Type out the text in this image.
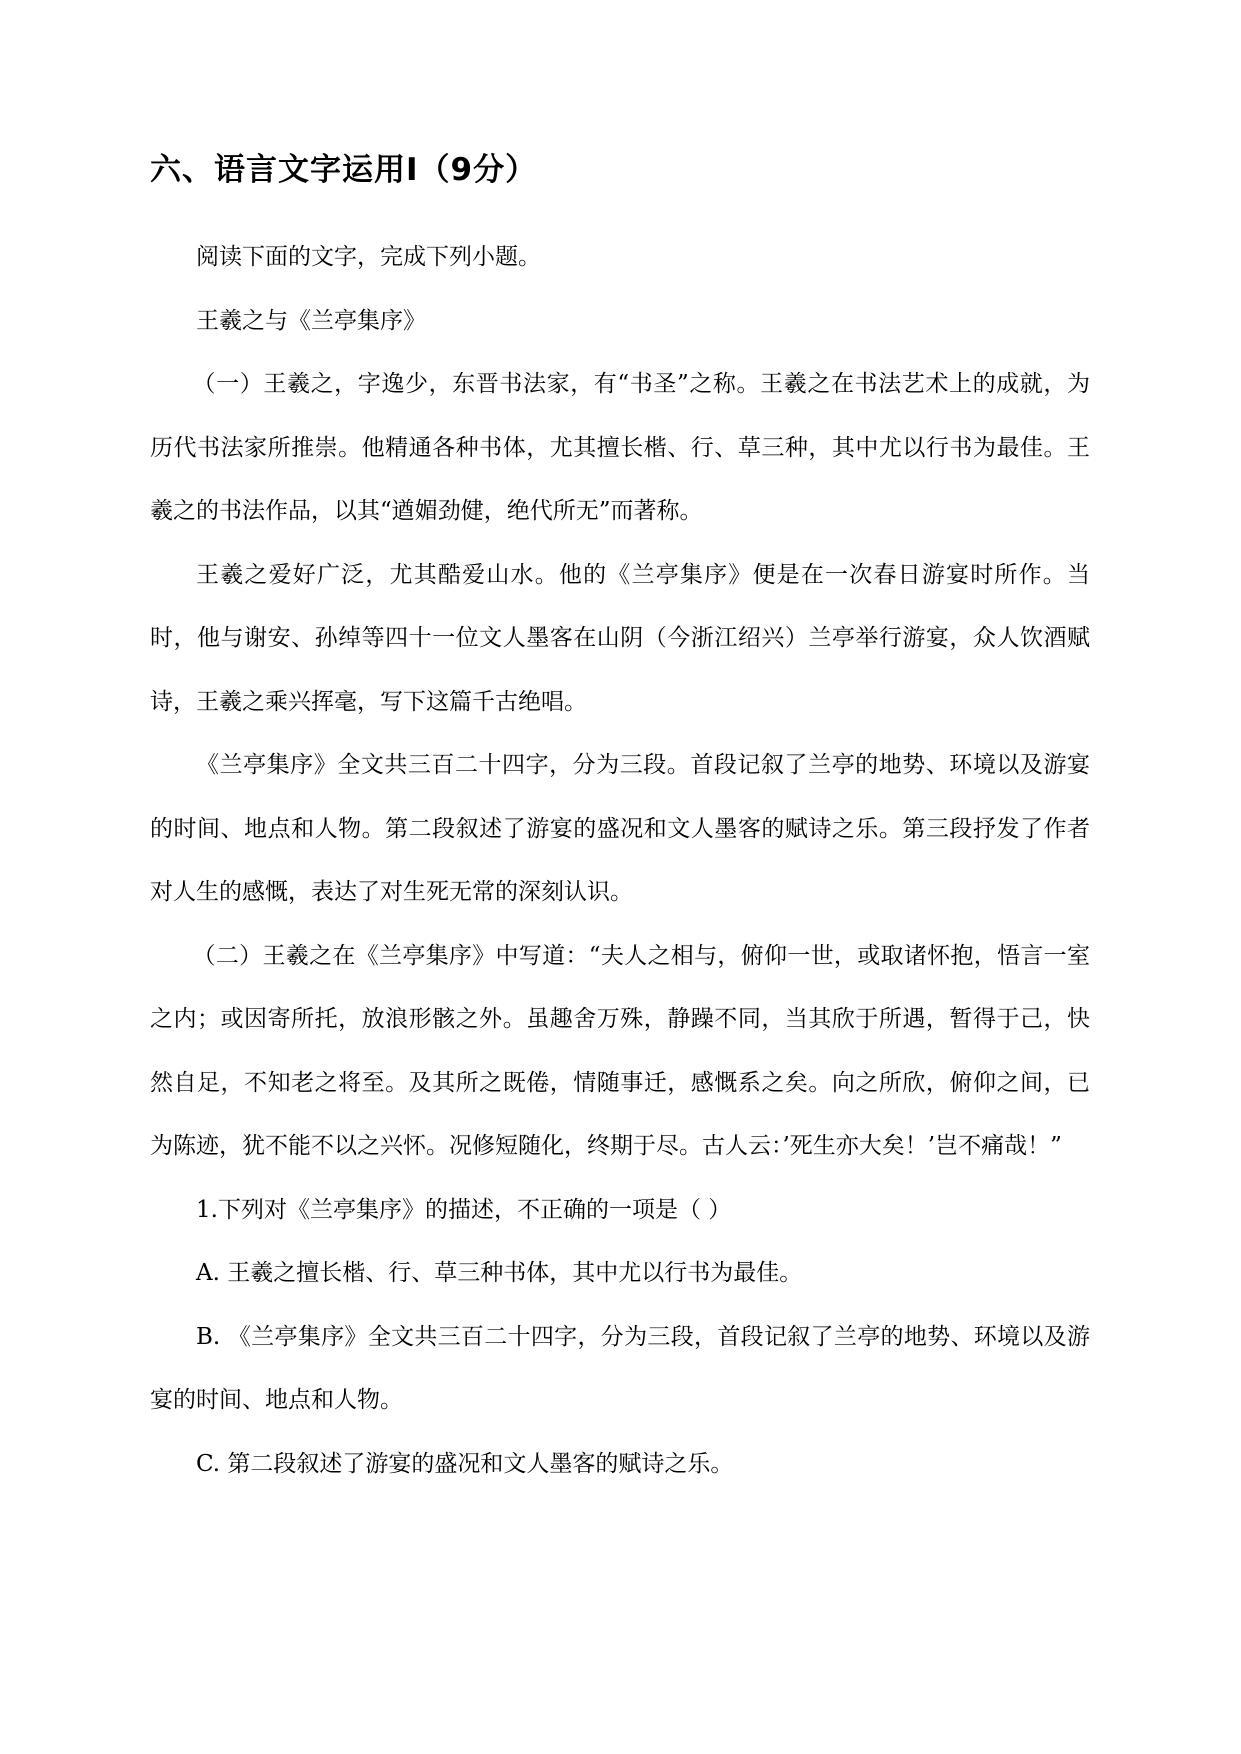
六、语言文字运用Ⅰ（9分）

阅读下面的文字，完成下列小题。

王羲之与《兰亭集序》

（一）王羲之，字逸少，东晋书法家，有“书圣”之称。王羲之在书法艺术上的成就，为历代书法家所推崇。他精通各种书体，尤其擅长楷、行、草三种，其中尤以行书为最佳。王羲之的书法作品，以其“遒媚劲健，绝代所无”而著称。

王羲之爱好广泛，尤其酷爱山水。他的《兰亭集序》便是在一次春日游宴时所作。当时，他与谢安、孙绰等四十一位文人墨客在山阴（今浙江绍兴）兰亭举行游宴，众人饮酒赋诗，王羲之乘兴挥毫，写下这篇千古绝唱。

《兰亭集序》全文共三百二十四字，分为三段。首段记叙了兰亭的地势、环境以及游宴的时间、地点和人物。第二段叙述了游宴的盛况和文人墨客的赋诗之乐。第三段抒发了作者对人生的感慨，表达了对生死无常的深刻认识。

（二）王羲之在《兰亭集序》中写道：“夫人之相与，俯仰一世，或取诸怀抱，悟言一室之内；或因寄所托，放浪形骸之外。虽趣舍万殊，静躁不同，当其欣于所遇，暂得于己，快然自足，不知老之将至。及其所之既倦，情随事迁，感慨系之矣。向之所欣，俯仰之间，已为陈迹，犹不能不以之兴怀。况修短随化，终期于尽。古人云：’死生亦大矣！’岂不痛哉！”

1.下列对《兰亭集序》的描述，不正确的一项是（ ）

A. 王羲之擅长楷、行、草三种书体，其中尤以行书为最佳。

B. 《兰亭集序》全文共三百二十四字，分为三段，首段记叙了兰亭的地势、环境以及游宴的时间、地点和人物。

C. 第二段叙述了游宴的盛况和文人墨客的赋诗之乐。
